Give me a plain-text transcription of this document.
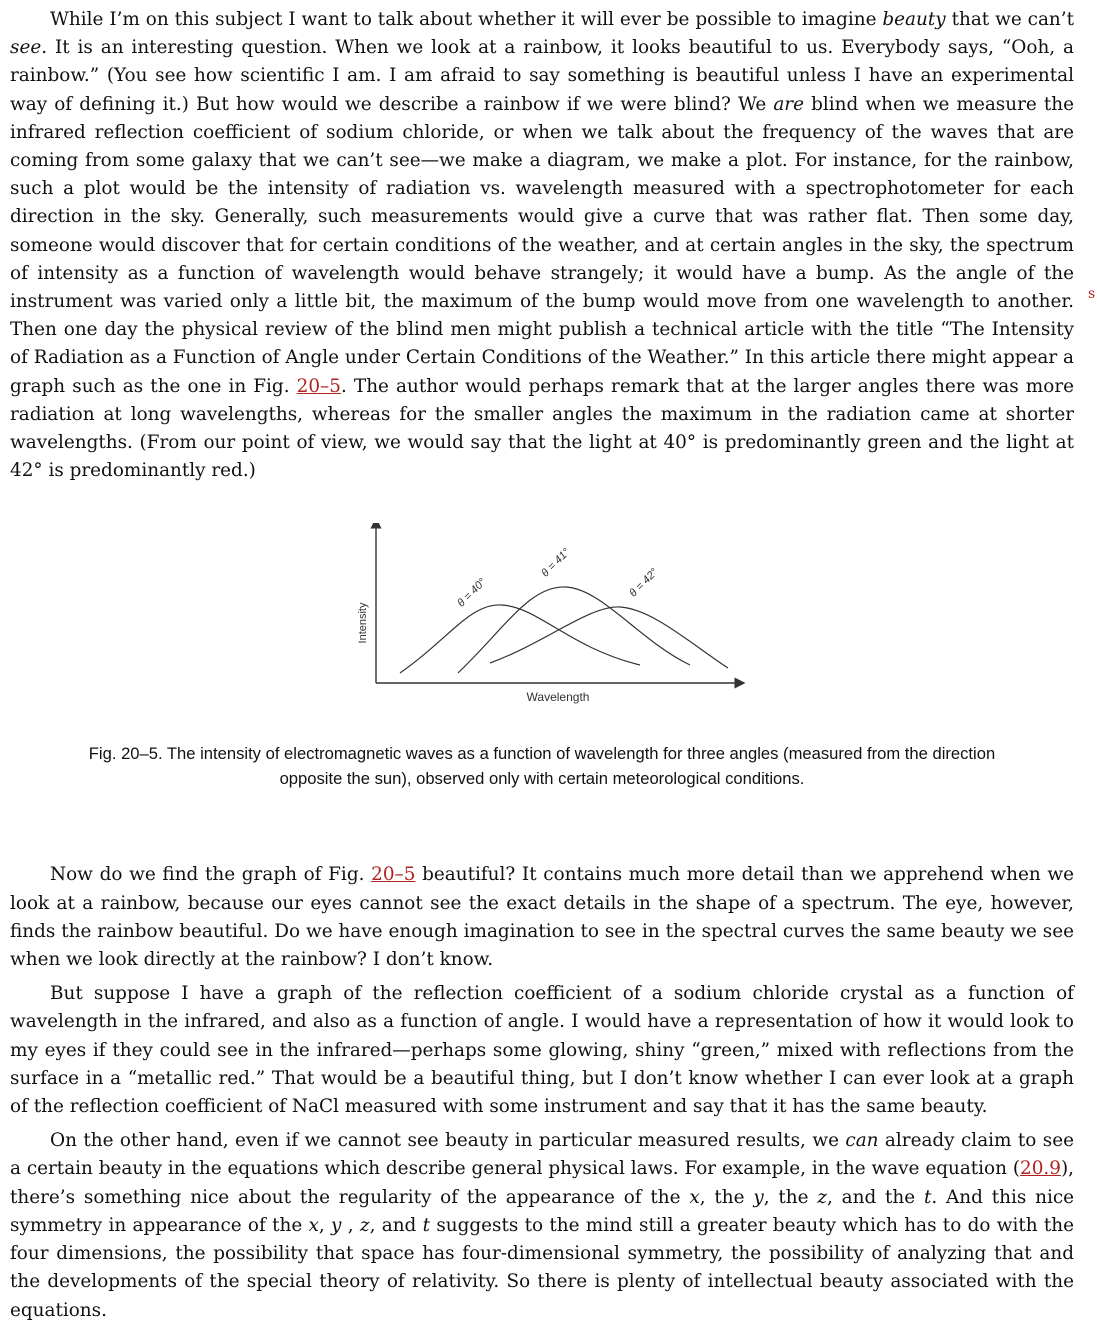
While I’m on this subject I want to talk about whether it will ever be possible to imagine beauty that we can’t see. It is an interesting question. When we look at a rainbow, it looks beautiful to us. Everybody says, “Ooh, a rainbow.” (You see how scientific I am. I am afraid to say something is beautiful unless I have an experimental way of defining it.) But how would we describe a rainbow if we were blind? We are blind when we measure the infrared reflection coefficient of sodium chloride, or when we talk about the frequency of the waves that are coming from some galaxy that we can’t see—we make a diagram, we make a plot. For instance, for the rainbow, such a plot would be the intensity of radiation vs. wavelength measured with a spectrophotometer for each direction in the sky. Generally, such measurements would give a curve that was rather flat. Then some day, someone would discover that for certain conditions of the weather, and at certain angles in the sky, the spectrum of intensity as a function of wavelength would behave strangely; it would have a bump. As the angle of the instrument was varied only a little bit, the maximum of the bump would move from one wavelength to another. Then one day the physical review of the blind men might publish a technical article with the title “The Intensity of Radiation as a Function of Angle under Certain Conditions of the Weather.” In this article there might appear a graph such as the one in Fig. 20–5. The author would perhaps remark that at the larger angles there was more radiation at long wavelengths, whereas for the smaller angles the maximum in the radiation came at shorter wavelengths. (From our point of view, we would say that the light at 40° is predominantly green and the light at 42° is predominantly red.)

Intensity
Wavelength
θ = 40°
θ = 41°
θ = 42°
Fig. 20–5. The intensity of electromagnetic waves as a function of wavelength for three angles (measured from the direction
opposite the sun), observed only with certain meteorological conditions.

Now do we find the graph of Fig. 20–5 beautiful? It contains much more detail than we apprehend when we look at a rainbow, because our eyes cannot see the exact details in the shape of a spectrum. The eye, however, finds the rainbow beautiful. Do we have enough imagination to see in the spectral curves the same beauty we see when we look directly at the rainbow? I don’t know.

But suppose I have a graph of the reflection coefficient of a sodium chloride crystal as a function of wavelength in the infrared, and also as a function of angle. I would have a representation of how it would look to my eyes if they could see in the infrared—perhaps some glowing, shiny “green,” mixed with reflections from the surface in a “metallic red.” That would be a beautiful thing, but I don’t know whether I can ever look at a graph of the reflection coefficient of NaCl measured with some instrument and say that it has the same beauty.

On the other hand, even if we cannot see beauty in particular measured results, we can already claim to see a certain beauty in the equations which describe general physical laws. For example, in the wave equation (20.9), there’s something nice about the regularity of the appearance of the x, the y, the z, and the t. And this nice symmetry in appearance of the x, y , z, and t suggests to the mind still a greater beauty which has to do with the four dimensions, the possibility that space has four-dimensional symmetry, the possibility of analyzing that and the developments of the special theory of relativity. So there is plenty of intellectual beauty associated with the equations.

s
